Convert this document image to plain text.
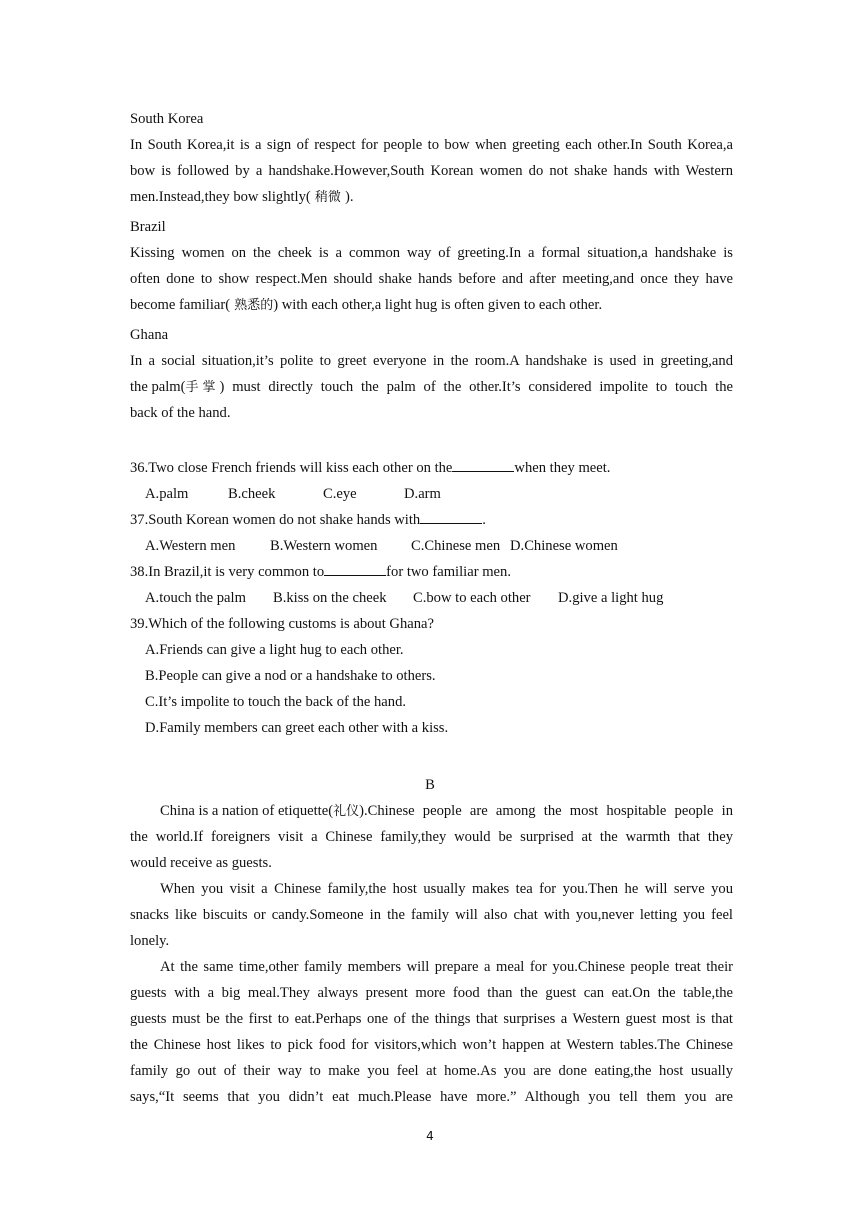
South Korea
In South Korea,it is a sign of respect for people to bow when greeting each other.In South Korea,a
bow is followed by a handshake.However,South Korean women do not shake hands with Western
men.Instead,they bow slightly( 稍微 ).
Brazil
Kissing women on the cheek is a common way of greeting.In a formal situation,a handshake is
often done to show respect.Men should shake hands before and after meeting,and once they have
become familiar( 熟悉的) with each other,a light hug is often given to each other.
Ghana
In a social situation,it’s polite to greet everyone in the room.A handshake is used in greeting,and
the palm(手掌 ) must directly touch the palm of the other.It’s considered impolite to touch the
back of the hand.
36.Two close French friends will kiss each other on the	when they meet.
A.palm	B.cheek	C.eye	D.arm
37.South Korean women do not shake hands with	.
A.Western men	B.Western women	C.Chinese men D.Chinese women
38.In Brazil,it is very common to	for two familiar men.
A.touch the palm	B.kiss on the cheek	C.bow to each other	D.give a light hug
39.Which of the following customs is about Ghana?
A.Friends can give a light hug to each other.
B.People can give a nod or a handshake to others.
C.It’s impolite to touch the back of the hand.
D.Family members can greet each other with a kiss.
B
China is a nation of etiquette(礼仪 ).Chinese people are among the most hospitable people in
the world.If foreigners visit a Chinese family,they would be surprised at the warmth that they
would receive as guests.
When you visit a Chinese family,the host usually makes tea for you.Then he will serve you
snacks like biscuits or candy.Someone in the family will also chat with you,never letting you feel
lonely.
At the same time,other family members will prepare a meal for you.Chinese people treat their
guests with a big meal.They always present more food than the guest can eat.On the table,the
guests must be the first to eat.Perhaps one of the things that surprises a Western guest most is that
the Chinese host likes to pick food for visitors,which won’t happen at Western tables.The Chinese
family go out of their way to make you feel at home.As you are done eating,the host usually
says,“It seems that you didn’t eat much.Please have more.” Although you tell them you are
4
